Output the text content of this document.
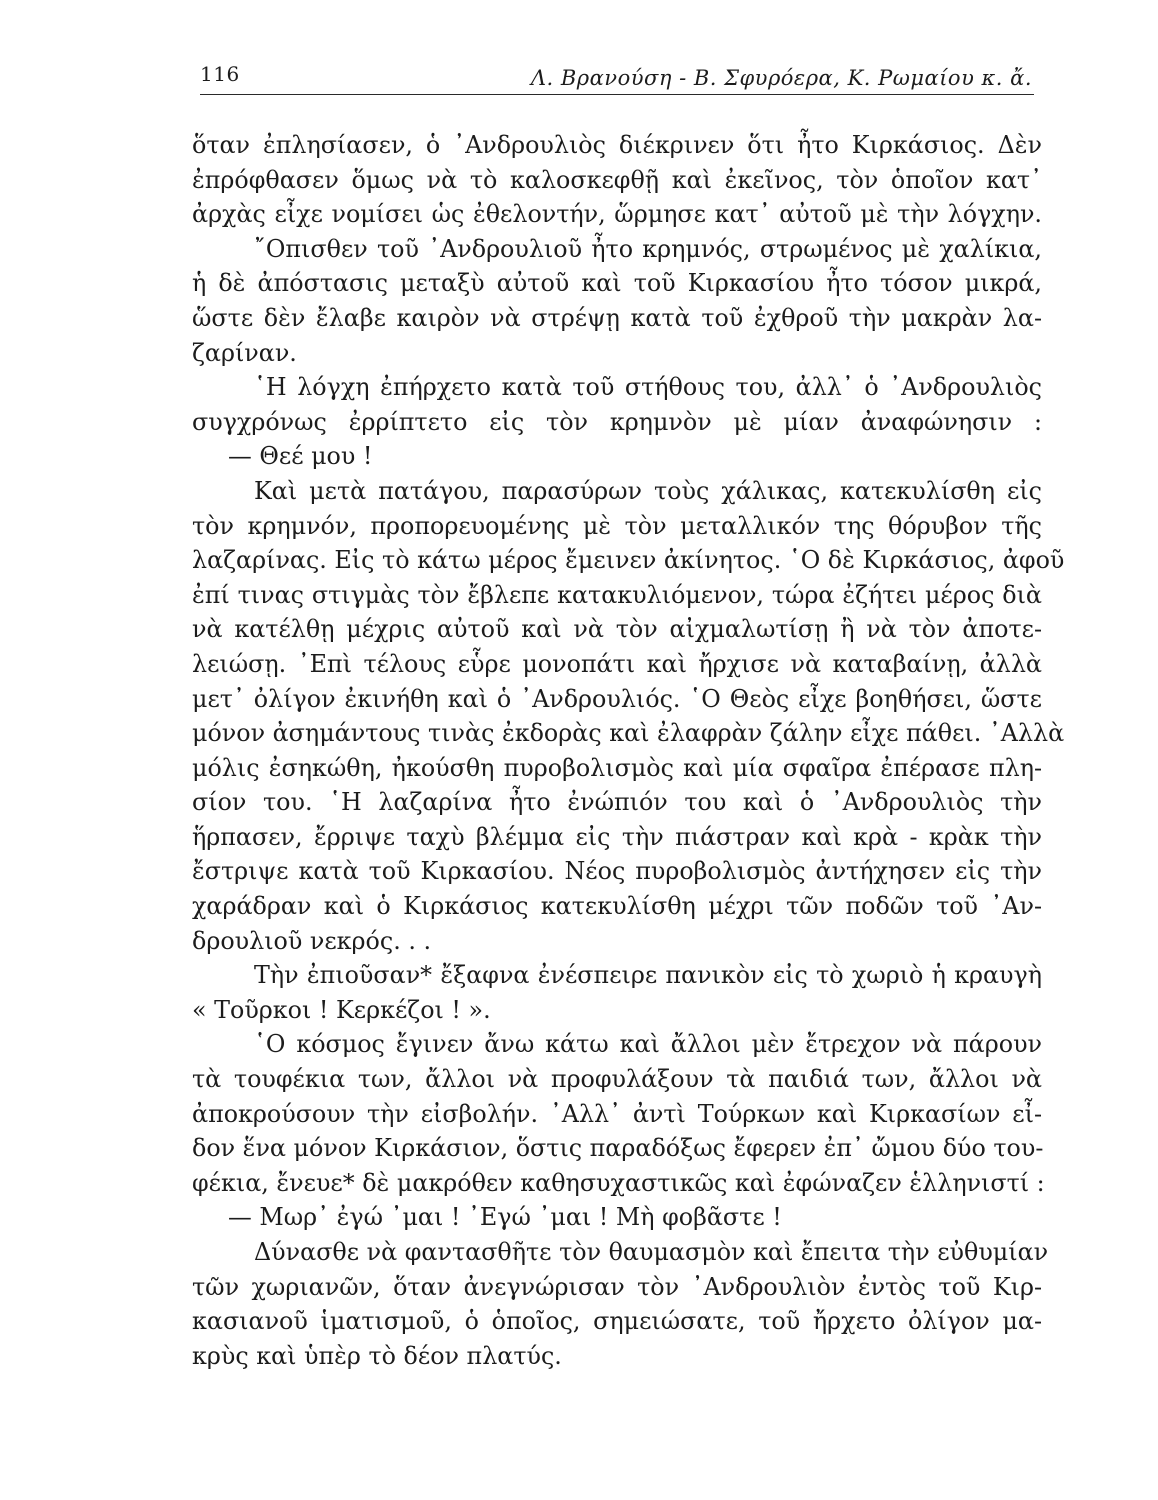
116	Λ. Βρανούση - Β. Σφυρόερα, Κ. Ρωμαίου κ. ἄ.
ὅταν ἐπλησίασεν, ὁ ᾿Ανδρουλιὸς διέκρινεν ὅτι ἦτο Κιρκάσιος. Δὲν
ἐπρόφθασεν ὅμως νὰ τὸ καλοσκεφθῇ καὶ ἐκεῖνος, τὸν ὁποῖον κατ᾿
ἀρχὰς εἶχε νομίσει ὡς ἐθελοντήν, ὥρμησε κατ᾿ αὐτοῦ μὲ τὴν λόγχην.
῎Οπισθεν τοῦ ᾿Ανδρουλιοῦ ἦτο κρημνός, στρωμένος μὲ χαλίκια,
ἡ δὲ ἀπόστασις μεταξὺ αὐτοῦ καὶ τοῦ Κιρκασίου ἦτο τόσον μικρά,
ὥστε δὲν ἔλαβε καιρὸν νὰ στρέψῃ κατὰ τοῦ ἐχθροῦ τὴν μακρὰν λα-
ζαρίναν.
῾Η λόγχη ἐπήρχετο κατὰ τοῦ στήθους του, ἀλλ᾿ ὁ ᾿Ανδρουλιὸς
συγχρόνως ἐρρίπτετο εἰς τὸν κρημνὸν μὲ μίαν ἀναφώνησιν :
— Θεέ μου !
Καὶ μετὰ πατάγου, παρασύρων τοὺς χάλικας, κατεκυλίσθη εἰς
τὸν κρημνόν, προπορευομένης μὲ τὸν μεταλλικόν της θόρυβον τῆς
λαζαρίνας. Εἰς τὸ κάτω μέρος ἔμεινεν ἀκίνητος. ῾Ο δὲ Κιρκάσιος, ἀφοῦ
ἐπί τινας στιγμὰς τὸν ἔβλεπε κατακυλιόμενον, τώρα ἐζήτει μέρος διὰ
νὰ κατέλθῃ μέχρις αὐτοῦ καὶ νὰ τὸν αἰχμαλωτίσῃ ἢ νὰ τὸν ἀποτε-
λειώσῃ. ᾿Επὶ τέλους εὗρε μονοπάτι καὶ ἤρχισε νὰ καταβαίνῃ, ἀλλὰ
μετ᾿ ὀλίγον ἐκινήθη καὶ ὁ ᾿Ανδρουλιός. ῾Ο Θεὸς εἶχε βοηθήσει, ὥστε
μόνον ἀσημάντους τινὰς ἐκδορὰς καὶ ἐλαφρὰν ζάλην εἶχε πάθει. ᾿Αλλὰ
μόλις ἐσηκώθη, ἠκούσθη πυροβολισμὸς καὶ μία σφαῖρα ἐπέρασε πλη-
σίον του. ῾Η λαζαρίνα ἦτο ἐνώπιόν του καὶ ὁ ᾿Ανδρουλιὸς τὴν
ἥρπασεν, ἔρριψε ταχὺ βλέμμα εἰς τὴν πιάστραν καὶ κρὰ - κρὰκ τὴν
ἔστριψε κατὰ τοῦ Κιρκασίου. Νέος πυροβολισμὸς ἀντήχησεν εἰς τὴν
χαράδραν καὶ ὁ Κιρκάσιος κατεκυλίσθη μέχρι τῶν ποδῶν τοῦ ᾿Αν-
δρουλιοῦ νεκρός. . .
Τὴν ἐπιοῦσαν* ἔξαφνα ἐνέσπειρε πανικὸν εἰς τὸ χωριὸ ἡ κραυγὴ
« Τοῦρκοι ! Κερκέζοι ! ».
῾Ο κόσμος ἔγινεν ἄνω κάτω καὶ ἄλλοι μὲν ἔτρεχον νὰ πάρουν
τὰ τουφέκια των, ἄλλοι νὰ προφυλάξουν τὰ παιδιά των, ἄλλοι νὰ
ἀποκρούσουν τὴν εἰσβολήν. ᾿Αλλ᾿ ἀντὶ Τούρκων καὶ Κιρκασίων εἶ-
δον ἕνα μόνον Κιρκάσιον, ὅστις παραδόξως ἔφερεν ἐπ᾿ ὤμου δύο του-
φέκια, ἔνευε* δὲ μακρόθεν καθησυχαστικῶς καὶ ἐφώναζεν ἑλληνιστί :
— Μωρ᾿ ἐγώ ᾿μαι ! ᾿Εγώ ᾿μαι ! Μὴ φοβᾶστε !
Δύνασθε νὰ φαντασθῆτε τὸν θαυμασμὸν καὶ ἔπειτα τὴν εὐθυμίαν
τῶν χωριανῶν, ὅταν ἀνεγνώρισαν τὸν ᾿Ανδρουλιὸν ἐντὸς τοῦ Κιρ-
κασιανοῦ ἱματισμοῦ, ὁ ὁποῖος, σημειώσατε, τοῦ ἤρχετο ὀλίγον μα-
κρὺς καὶ ὑπὲρ τὸ δέον πλατύς.
